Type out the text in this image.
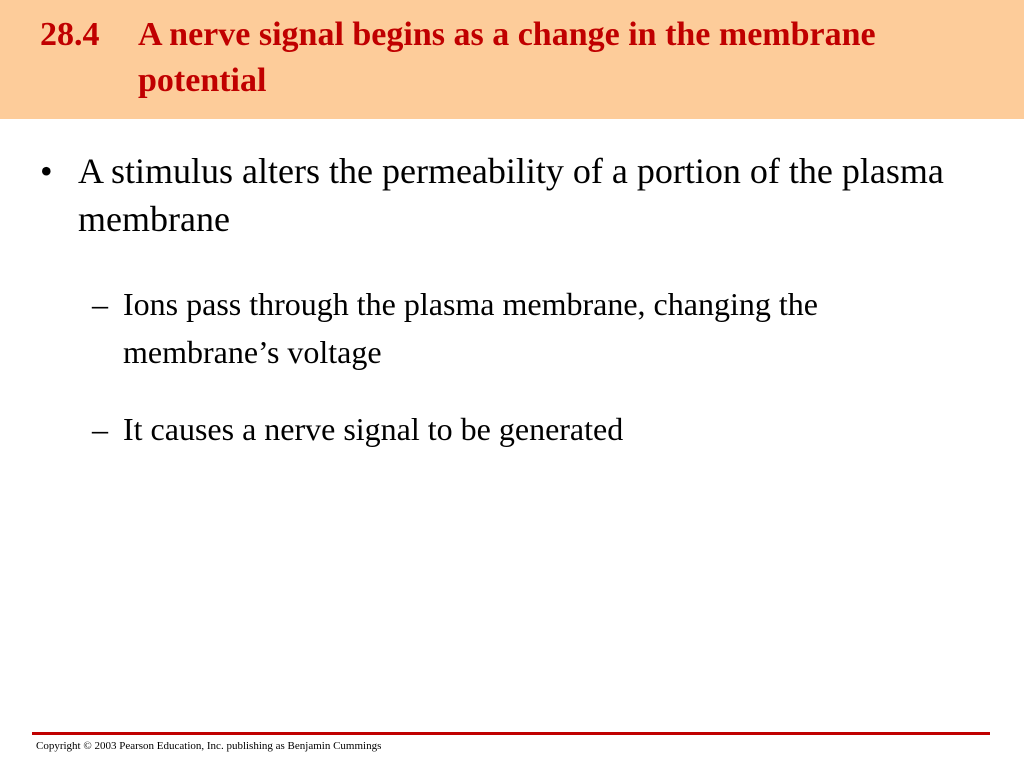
28.4 A nerve signal begins as a change in the membrane potential
• A stimulus alters the permeability of a portion of the plasma membrane
– Ions pass through the plasma membrane, changing the membrane’s voltage
– It causes a nerve signal to be generated
Copyright © 2003 Pearson Education, Inc. publishing as Benjamin Cummings
